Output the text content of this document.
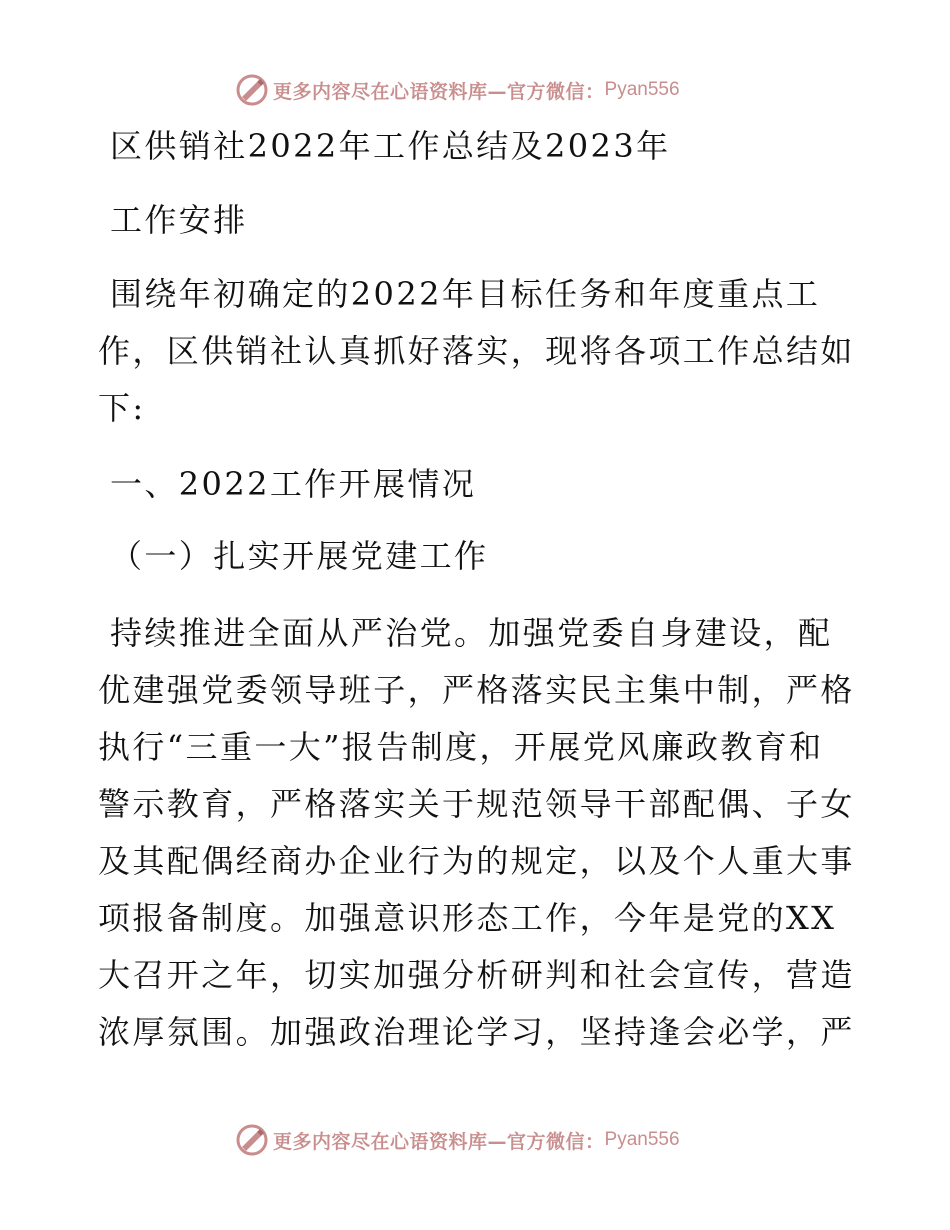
更多内容尽在心语资料库—官方微信： Pyan556
区供销社2022年工作总结及2023年
工作安排
围绕年初确定的2022年目标任务和年度重点工
作，区供销社认真抓好落实，现将各项工作总结如
下:
一、2022工作开展情况
（一）扎实开展党建工作
持续推进全面从严治党。加强党委自身建设，配
优建强党委领导班子，严格落实民主集中制，严格
执行“三重一大”报告制度，开展党风廉政教育和
警示教育，严格落实关于规范领导干部配偶、子女
及其配偶经商办企业行为的规定，以及个人重大事
项报备制度。加强意识形态工作，今年是党的XX
大召开之年，切实加强分析研判和社会宣传，营造
浓厚氛围。加强政治理论学习，坚持逢会必学，严
更多内容尽在心语资料库—官方微信： Pyan556
